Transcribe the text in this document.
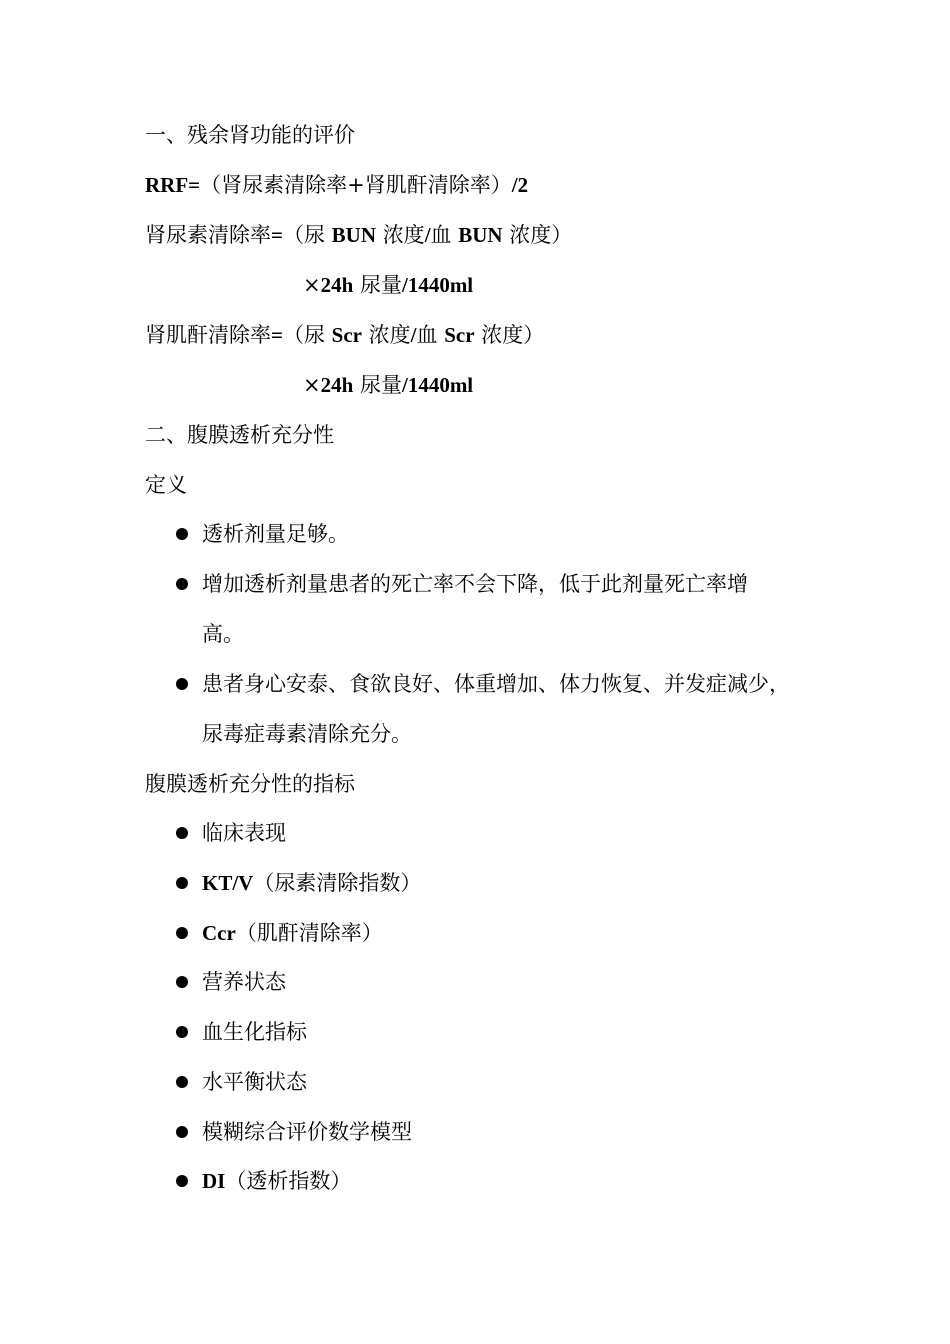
一、残余肾功能的评价
RRF=（肾尿素清除率+肾肌酐清除率）/2
肾尿素清除率=（尿 BUN 浓度/血 BUN 浓度）
×24h 尿量/1440ml
肾肌酐清除率=（尿 Scr 浓度/血 Scr 浓度）
×24h 尿量/1440ml
二、腹膜透析充分性
定义
透析剂量足够。
增加透析剂量患者的死亡率不会下降，低于此剂量死亡率增
高。
患者身心安泰、食欲良好、体重增加、体力恢复、并发症减少，
尿毒症毒素清除充分。
腹膜透析充分性的指标
临床表现
KT/V（尿素清除指数）
Ccr（肌酐清除率）
营养状态
血生化指标
水平衡状态
模糊综合评价数学模型
DI（透析指数）
